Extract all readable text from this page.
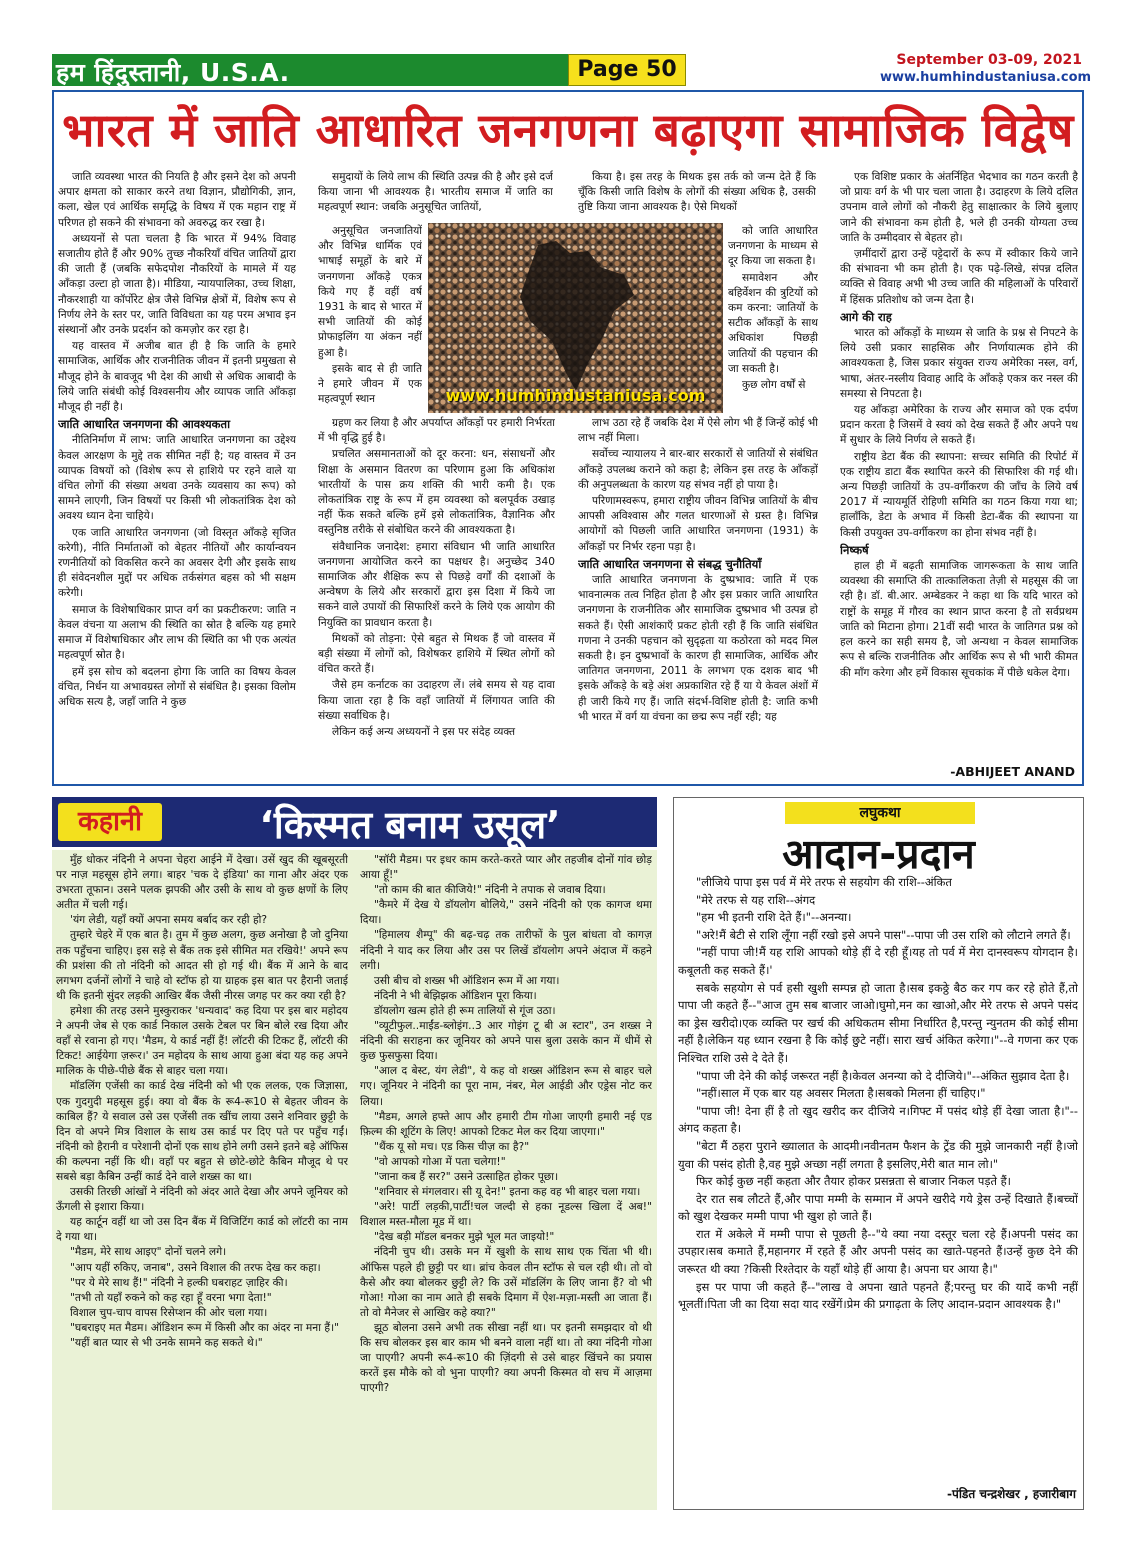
हम हिंदुस्तानी, U.S.A.	Page 50	September 03-09, 2021
www.humhindustaniusa.com
भारत में जाति आधारित जनगणना बढ़ाएगा सामाजिक विद्वेष

जाति व्यवस्था भारत की नियति है और इसने देश को अपनी अपार क्षमता को साकार करने तथा विज्ञान, प्रौद्योगिकी, ज्ञान, कला, खेल एवं आर्थिक समृद्धि के विषय में एक महान राष्ट्र में परिणत हो सकने की संभावना को अवरुद्ध कर रखा है।

अध्ययनों से पता चलता है कि भारत में 94% विवाह सजातीय होते हैं और 90% तुच्छ नौकरियाँ वंचित जातियों द्वारा की जाती हैं (जबकि सफेदपोश नौकरियों के मामले में यह आँकड़ा उल्टा हो जाता है)। मीडिया, न्यायपालिका, उच्च शिक्षा, नौकरशाही या कॉर्पोरेट क्षेत्र जैसे विभिन्न क्षेत्रों में, विशेष रूप से निर्णय लेने के स्तर पर, जाति विविधता का यह परम अभाव इन संस्थानों और उनके प्रदर्शन को कमज़ोर कर रहा है।

यह वास्तव में अजीब बात ही है कि जाति के हमारे सामाजिक, आर्थिक और राजनीतिक जीवन में इतनी प्रमुखता से मौजूद होने के बावजूद भी देश की आधी से अधिक आबादी के लिये जाति संबंधी कोई विश्वसनीय और व्यापक जाति आँकड़ा मौजूद ही नहीं है।

जाति आधारित जनगणना की आवश्यकता

नीतिनिर्माण में लाभ: जाति आधारित जनगणना का उद्देश्य केवल आरक्षण के मुद्दे तक सीमित नहीं है; यह वास्तव में उन व्यापक विषयों को (विशेष रूप से हाशिये पर रहने वाले या वंचित लोगों की संख्या अथवा उनके व्यवसाय का रूप) को सामने लाएगी, जिन विषयों पर किसी भी लोकतांत्रिक देश को अवश्य ध्यान देना चाहिये।

एक जाति आधारित जनगणना (जो विस्तृत आँकड़े सृजित करेगी), नीति निर्माताओं को बेहतर नीतियों और कार्यान्वयन रणनीतियों को विकसित करने का अवसर देगी और इसके साथ ही संवेदनशील मुद्दों पर अधिक तर्कसंगत बहस को भी सक्षम करेगी।

समाज के विशेषाधिकार प्राप्त वर्ग का प्रकटीकरण: जाति न केवल वंचना या अलाभ की स्थिति का स्रोत है बल्कि यह हमारे समाज में विशेषाधिकार और लाभ की स्थिति का भी एक अत्यंत महत्वपूर्ण स्रोत है।

हमें इस सोच को बदलना होगा कि जाति का विषय केवल वंचित, निर्धन या अभावग्रस्त लोगों से संबंधित है। इसका विलोम अधिक सत्य है, जहाँ जाति ने कुछ

समुदायों के लिये लाभ की स्थिति उत्पन्न की है और इसे दर्ज किया जाना भी आवश्यक है। भारतीय समाज में जाति का महत्वपूर्ण स्थान: जबकि अनुसूचित जातियों,

अनुसूचित जनजातियों और विभिन्न धार्मिक एवं भाषाई समूहों के बारे में जनगणना आँकड़े एकत्र किये गए हैं वहीं वर्ष 1931 के बाद से भारत में सभी जातियों की कोई प्रोफाइलिंग या अंकन नहीं हुआ है।

इसके बाद से ही जाति ने हमारे जीवन में एक महत्वपूर्ण स्थान

ग्रहण कर लिया है और अपर्याप्त आँकड़ों पर हमारी निर्भरता में भी वृद्धि हुई है।

प्रचलित असमानताओं को दूर करना: धन, संसाधनों और शिक्षा के असमान वितरण का परिणाम हुआ कि अधिकांश भारतीयों के पास क्रय शक्ति की भारी कमी है। एक लोकतांत्रिक राष्ट्र के रूप में हम व्यवस्था को बलपूर्वक उखाड़ नहीं फेंक सकते बल्कि हमें इसे लोकतांत्रिक, वैज्ञानिक और वस्तुनिष्ठ तरीके से संबोधित करने की आवश्यकता है।

संवैधानिक जनादेश: हमारा संविधान भी जाति आधारित जनगणना आयोजित करने का पक्षधर है। अनुच्छेद 340 सामाजिक और शैक्षिक रूप से पिछड़े वर्गों की दशाओं के अन्वेषण के लिये और सरकारों द्वारा इस दिशा में किये जा सकने वाले उपायों की सिफारिशें करने के लिये एक आयोग की नियुक्ति का प्रावधान करता है।

मिथकों को तोड़ना: ऐसे बहुत से मिथक हैं जो वास्तव में बड़ी संख्या में लोगों को, विशेषकर हाशिये में स्थित लोगों को वंचित करते हैं।

जैसे हम कर्नाटक का उदाहरण लें। लंबे समय से यह दावा किया जाता रहा है कि वहाँ जातियों में लिंगायत जाति की संख्या सर्वाधिक है।

लेकिन कई अन्य अध्ययनों ने इस पर संदेह व्यक्त

www.humhindustaniusa.com

किया है। इस तरह के मिथक इस तर्क को जन्म देते हैं कि चूँकि किसी जाति विशेष के लोगों की संख्या अधिक है, उसकी तुष्टि किया जाना आवश्यक है। ऐसे मिथकों

को जाति आधारित जनगणना के माध्यम से दूर किया जा सकता है।

समावेशन और बहिर्वेशन की त्रुटियों को कम करना: जातियों के सटीक आँकड़ों के साथ अधिकांश पिछड़ी जातियों की पहचान की जा सकती है।

कुछ लोग वर्षों से

लाभ उठा रहे हैं जबकि देश में ऐसे लोग भी हैं जिन्हें कोई भी लाभ नहीं मिला।

सर्वोच्च न्यायालय ने बार-बार सरकारों से जातियों से संबंधित आँकड़े उपलब्ध कराने को कहा है; लेकिन इस तरह के आँकड़ों की अनुपलब्धता के कारण यह संभव नहीं हो पाया है।

परिणामस्वरूप, हमारा राष्ट्रीय जीवन विभिन्न जातियों के बीच आपसी अविश्वास और गलत धारणाओं से ग्रस्त है। विभिन्न आयोगों को पिछली जाति आधारित जनगणना (1931) के आँकड़ों पर निर्भर रहना पड़ा है।

जाति आधारित जनगणना से संबद्ध चुनौतियाँ

जाति आधारित जनगणना के दुष्प्रभाव: जाति में एक भावनात्मक तत्व निहित होता है और इस प्रकार जाति आधारित जनगणना के राजनीतिक और सामाजिक दुष्प्रभाव भी उत्पन्न हो सकते हैं। ऐसी आशंकाएँ प्रकट होती रही हैं कि जाति संबंधित गणना ने उनकी पहचान को सुदृढ़ता या कठोरता को मदद मिल सकती है। इन दुष्प्रभावों के कारण ही सामाजिक, आर्थिक और जातिगत जनगणना, 2011 के लगभग एक दशक बाद भी इसके आँकड़े के बड़े अंश अप्रकाशित रहे हैं या ये केवल अंशों में ही जारी किये गए हैं। जाति संदर्भ-विशिष्ट होती है: जाति कभी भी भारत में वर्ग या वंचना का छद्म रूप नहीं रही; यह

एक विशिष्ट प्रकार के अंतर्निहित भेदभाव का गठन करती है जो प्रायः वर्ग के भी पार चला जाता है। उदाहरण के लिये दलित उपनाम वाले लोगों को नौकरी हेतु साक्षात्कार के लिये बुलाए जाने की संभावना कम होती है, भले ही उनकी योग्यता उच्च जाति के उम्मीदवार से बेहतर हो।

ज़मींदारों द्वारा उन्हें पट्टेदारों के रूप में स्वीकार किये जाने की संभावना भी कम होती है। एक पढ़े-लिखे, संपन्न दलित व्यक्ति से विवाह अभी भी उच्च जाति की महिलाओं के परिवारों में हिंसक प्रतिशोध को जन्म देता है।

आगे की राह

भारत को आँकड़ों के माध्यम से जाति के प्रश्न से निपटने के लिये उसी प्रकार साहसिक और निर्णायात्मक होने की आवश्यकता है, जिस प्रकार संयुक्त राज्य अमेरिका नस्ल, वर्ग, भाषा, अंतर-नस्लीय विवाह आदि के आँकड़े एकत्र कर नस्ल की समस्या से निपटता है।

यह आँकड़ा अमेरिका के राज्य और समाज को एक दर्पण प्रदान करता है जिसमें वे स्वयं को देख सकते हैं और अपने पथ में सुधार के लिये निर्णय ले सकते हैं।

राष्ट्रीय डेटा बैंक की स्थापना: सच्चर समिति की रिपोर्ट में एक राष्ट्रीय डाटा बैंक स्थापित करने की सिफारिश की गई थी। अन्य पिछड़ी जातियों के उप-वर्गीकरण की जाँच के लिये वर्ष 2017 में न्यायमूर्ति रोहिणी समिति का गठन किया गया था; हालाँकि, डेटा के अभाव में किसी डेटा-बैंक की स्थापना या किसी उपयुक्त उप-वर्गीकरण का होना संभव नहीं है।

निष्कर्ष

हाल ही में बढ़ती सामाजिक जागरूकता के साथ जाति व्यवस्था की समाप्ति की तात्कालिकता तेज़ी से महसूस की जा रही है। डॉ. बी.आर. अम्बेडकर ने कहा था कि यदि भारत को राष्ट्रों के समूह में गौरव का स्थान प्राप्त करना है तो सर्वप्रथम जाति को मिटाना होगा। 21वीं सदी भारत के जातिगत प्रश्न को हल करने का सही समय है, जो अन्यथा न केवल सामाजिक रूप से बल्कि राजनीतिक और आर्थिक रूप से भी भारी कीमत की माँग करेगा और हमें विकास सूचकांक में पीछे धकेल देगा।

-ABHIJEET ANAND
कहानी	‘किस्मत बनाम उसूल’

मुँह धोकर नंदिनी ने अपना चेहरा आईने में देखा। उसें खुद की खूबसूरती पर नाज़ महसूस होने लगा। बाहर 'चक दे इंडिया' का गाना और अंदर एक उभरता तूफान। उसने पलक झपकी और उसी के साथ वो कुछ क्षणों के लिए अतीत में चली गई।

'यंग लेडी, यहाँ क्यों अपना समय बर्बाद कर रही हो?

तुम्हारे चेहरे में एक बात है। तुम में कुछ अलग, कुछ अनोखा है जो दुनिया तक पहुँचना चाहिए। इस सड़े से बैंक तक इसे सीमित मत रखिये!' अपने रूप की प्रशंसा की तो नंदिनी को आदत सी हो गई थी। बैंक में आने के बाद लगभग दर्जनों लोगों ने चाहे वो स्टॉफ हो या ग्राहक इस बात पर हैरानी जताई थी कि इतनी सुंदर लड़की आखिर बैंक जैसी नीरस जगह पर कर क्या रही है?

हमेशा की तरह उसने मुस्कुराकर 'धन्यवाद' कह दिया पर इस बार महोदय ने अपनी जेब से एक कार्ड निकाल उसके टेबल पर बिन बोले रख दिया और वहाँ से रवाना हो गए। 'मैडम, ये कार्ड नहीं हैं! लॉटरी की टिकट हैं, लॉटरी की टिकट! आईयेगा ज़रूर।' उन महोदय के साथ आया हुआ बंदा यह कह अपने मालिक के पीछे-पीछे बैंक से बाहर चला गया।

मॉडलिंग एजेंसी का कार्ड देख नंदिनी को भी एक ललक, एक जिज्ञासा, एक गुदगुदी महसूस हुई। क्या वो बैंक के रू4-रू10 से बेहतर जीवन के काबिल हैं? ये सवाल उसे उस एजेंसी तक खींच लाया उसने शनिवार छुट्टी के दिन वो अपने मित्र विशाल के साथ उस कार्ड पर दिए पते पर पहुँच गईं। नंदिनी को हैरानी व परेशानी दोनों एक साथ होने लगी उसने इतने बड़े ऑफिस की कल्पना नहीं कि थी। वहाँ पर बहुत से छोटे-छोटे कैबिन मौजूद थे पर सबसे बड़ा कैबिन उन्हीं कार्ड देने वाले शख्स का था।

उसकी तिरछी आंखों ने नंदिनी को अंदर आते देखा और अपने जूनियर को ऊँगली से इशारा किया।

यह कार्टून वहीं था जो उस दिन बैंक में विजिटिंग कार्ड को लॉटरी का नाम दे गया था।

"मैडम, मेरे साथ आइए" दोनों चलने लगे।

"आप यहीं रुकिए, जनाब", उसने विशाल की तरफ देख कर कहा।

"पर ये मेरे साथ हैं!" नंदिनी ने हल्की घबराहट ज़ाहिर की।

"तभी तो यहाँ रुकने को कह रहा हूँ वरना भगा देता!"

विशाल चुप-चाप वापस रिसेप्शन की ओर चला गया।

"घबराइए मत मैडम। ऑडिशन रूम में किसी और का अंदर ना मना हैं।"

"यहीं बात प्यार से भी उनके सामने कह सकते थे।"

"सॉरी मैडम। पर इधर काम करते-करते प्यार और तहजीब दोनों गांव छोड़ आया हूँ!"

"तो काम की बात कीजिये!" नंदिनी ने तपाक से जवाब दिया।

"कैमरे में देख ये डॉयलोग बोलिये," उसने नंदिनी को एक कागज थमा दिया।

"हिमालय शैम्पू" की बढ़-चढ़ तक तारीफों के पुल बांधता वो कागज़ नंदिनी ने याद कर लिया और उस पर लिखें डॉयलोग अपने अंदाज में कहने लगी।

उसी बीच वो शख्स भी ऑडिशन रूम में आ गया।

नंदिनी ने भी बेझिझक ऑडिशन पूरा किया।

डॉयलोग खत्म होते ही रूम तालियों से गूंज उठा।

"व्यूटीफुल..माईंड-ब्लोइंग..3 आर गोइंग टू बी अ स्टार", उन शख्स ने नंदिनी की सराहना कर जूनियर को अपने पास बुला उसके कान में धीमें से कुछ फुसफुसा दिया।

"आल द बेस्ट, यंग लेडी", ये कह वो शख्स ऑडिशन रूम से बाहर चले गए। जूनियर ने नंदिनी का पूरा नाम, नंबर, मेल आईडी और एड्रेस नोट कर लिया।

"मैडम, अगले हफ्ते आप और हमारी टीम गोआ जाएगी हमारी नई एड फ़िल्म की शूटिंग के लिए! आपको टिकट मेल कर दिया जाएगा।"

"थैंक यू सो मच। एड किस चीज़ का है?"

"वो आपको गोआ में पता चलेगा!"

"जाना कब हैं सर?" उसने उत्साहित होकर पूछा।

"शनिवार से मंगलवार। सी यू देन!" इतना कह वह भी बाहर चला गया।

"अरे! पार्टी लड़की,पार्टी!चल जल्दी से हका नूडल्स खिला दें अब!" विशाल मस्त-मौला मूड में था।

"देख बड़ी मॉडल बनकर मुझे भूल मत जाइयो!"

नंदिनी चुप थी। उसके मन में खुशी के साथ साथ एक चिंता भी थी। ऑफिस पहले ही छुट्टी पर था। ब्रांच केवल तीन स्टॉफ से चल रही थी। तो वो कैसे और क्या बोलकर छुट्टी ले? कि उसें मॉडलिंग के लिए जाना हैं? वो भी गोआ! गोआ का नाम आते ही सबके दिमाग में ऐश-मज़ा-मस्ती आ जाता हैं। तो वो मैनेजर से आखिर कहे क्या?"

झूठ बोलना उसने अभी तक सीखा नहीं था। पर इतनी समझदार वो थी कि सच बोलकर इस बार काम भी बनने वाला नहीं था। तो क्या नंदिनी गोआ जा पाएगी? अपनी रू4-रू10 की ज़िंदगी से उसे बाहर खिंचने का प्रयास करतें इस मौके को वो भुना पाएगी? क्या अपनी किस्मत वो सच में आज़मा पाएगी?

लघुकथा
आदान-प्रदान

"लीजिये पापा इस पर्व में मेरे तरफ से सहयोग की राशि--अंकित

"मेरे तरफ से यह राशि--अंगद

"हम भी इतनी राशि देते हैं।"--अनन्या।

"अरे!मैं बेटी से राशि लूँगा नहीं रखो इसे अपने पास"--पापा जी उस राशि को लौटाने लगते हैं।

"नहीं पापा जी!मैं यह राशि आपको थोड़े हीं दे रही हूँ।यह तो पर्व में मेरा दानस्वरूप योगदान है।कबूलती कह सकते हैं।'

सबके सहयोग से पर्व हसी खुशी सम्पन्न हो जाता है।सब इकठ्ठे बैठ कर गप कर रहे होते हैं,तो पापा जी कहते हैं--"आज तुम सब बाजार जाओ।घुमो,मन का खाओ,और मेरे तरफ से अपने पसंद का ड्रेस खरीदो।एक व्यक्ति पर खर्च की अधिकतम सीमा निर्धारित है,परन्तु न्युनतम की कोई सीमा नहीं है।लेकिन यह ध्यान रखना है कि कोई छुटे नहीं। सारा खर्च अंकित करेगा।"--वे गणना कर एक निश्चित राशि उसे दे देते हैं।

"पापा जी देने की कोई जरूरत नहीं है।केवल अनन्या को दे दीजिये।"--अंकित सुझाव देता है।

"नहीं।साल में एक बार यह अवसर मिलता है।सबको मिलना हीं चाहिए।"

"पापा जी! देना हीं है तो खुद खरीद कर दीजिये न।गिफ्ट में पसंद थोड़े हीं देखा जाता है।"--अंगद कहता है।

"बेटा मैं ठहरा पुराने ख्यालात के आदमी।नवीनतम फैशन के ट्रेंड की मुझे जानकारी नहीं है।जो युवा की पसंद होती है,वह मुझे अच्छा नहीं लगता है इसलिए,मेरी बात मान लो।"

फिर कोई कुछ नहीं कहता और तैयार होकर प्रसन्नता से बाजार निकल पड़ते हैं।

देर रात सब लौटते हैं,और पापा मम्मी के सम्मान में अपने खरीदे गये ड्रेस उन्हें दिखाते हैं।बच्चों को खुश देखकर मम्मी पापा भी खुश हो जाते हैं।

रात में अकेले में मम्मी पापा से पूछती है--"ये क्या नया दस्तूर चला रहे हैं।अपनी पसंद का उपहार।सब कमाते हैं,महानगर में रहते हैं और अपनी पसंद का खाते-पहनते हैं।उन्हें कुछ देने की जरूरत थी क्या ?किसी रिश्तेदार के यहाँ थोड़े हीं आया है। अपना घर आया है।"

इस पर पापा जी कहते हैं--"लाख वे अपना खाते पहनते हैं;परन्तु घर की यादें कभी नहीं भूलतीं।पिता जी का दिया सदा याद रखेंगें।प्रेम की प्रगाढ़ता के लिए आदान-प्रदान आवश्यक है।"

-पंडित चन्द्रशेखर , हजारीबाग
